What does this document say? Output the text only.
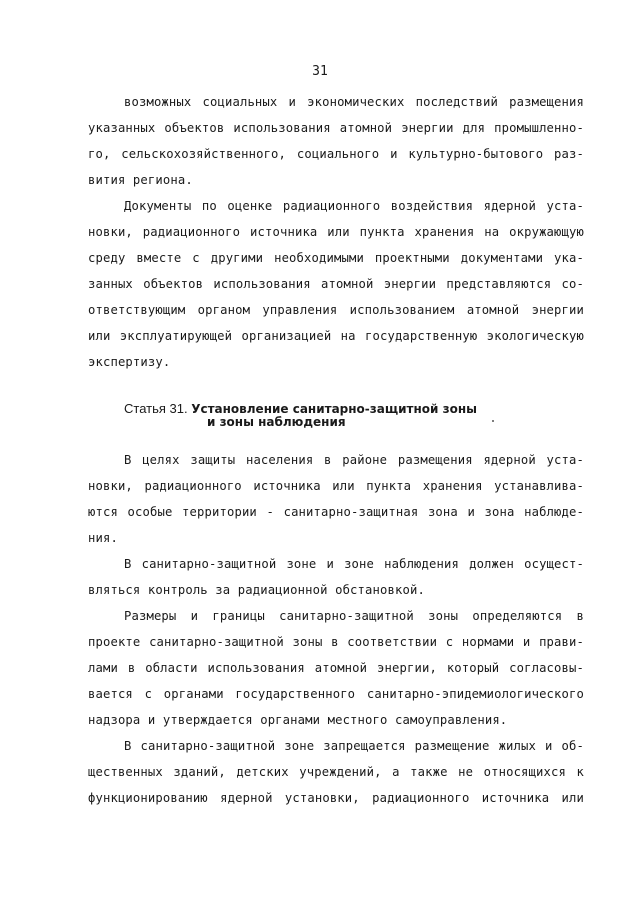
31
возможных социальных и экономических последствий размещения
указанных объектов использования атомной энергии для промышленно-
го, сельскохозяйственного, социального и культурно-бытового раз-
вития региона.
Документы по оценке радиационного воздействия ядерной уста-
новки, радиационного источника или пункта хранения на окружающую
среду вместе с другими необходимыми проектными документами ука-
занных объектов использования атомной энергии представляются со-
ответствующим органом управления использованием атомной энергии
или эксплуатирующей организацией на государственную экологическую
экспертизу.
Статья 31. Установление санитарно-защитной зоны
и зоны наблюдения
В целях защиты населения в районе размещения ядерной уста-
новки, радиационного источника или пункта хранения устанавлива-
ются особые территории - санитарно-защитная зона и зона наблюде-
ния.
В санитарно-защитной зоне и зоне наблюдения должен осущест-
вляться контроль за радиационной обстановкой.
Размеры и границы санитарно-защитной зоны определяются в
проекте санитарно-защитной зоны в соответствии с нормами и прави-
лами в области использования атомной энергии, который согласовы-
вается с органами государственного санитарно-эпидемиологического
надзора и утверждается органами местного самоуправления.
В санитарно-защитной зоне запрещается размещение жилых и об-
щественных зданий, детских учреждений, а также не относящихся к
функционированию ядерной установки, радиационного источника или
